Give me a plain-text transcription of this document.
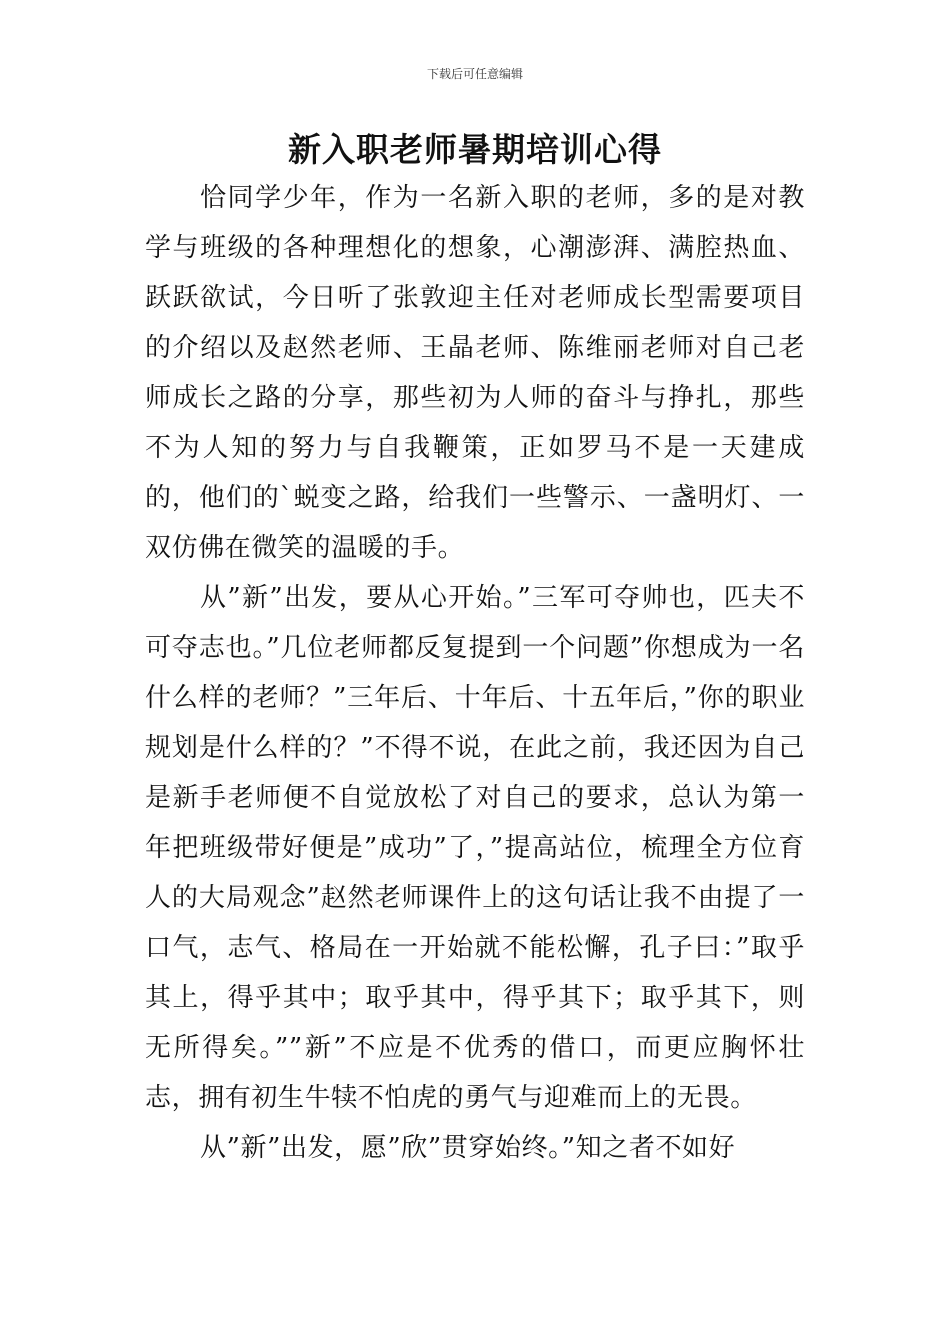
下载后可任意编辑
新入职老师暑期培训心得

恰同学少年，作为一名新入职的老师，多的是对教学与班级的各种理想化的想象，心潮澎湃、满腔热血、跃跃欲试，今日听了张敦迎主任对老师成长型需要项目的介绍以及赵然老师、王晶老师、陈维丽老师对自己老师成长之路的分享，那些初为人师的奋斗与挣扎，那些不为人知的努力与自我鞭策，正如罗马不是一天建成的，他们的`蜕变之路，给我们一些警示、一盏明灯、一双仿佛在微笑的温暖的手。

从”新”出发，要从心开始。”三军可夺帅也，匹夫不可夺志也。”几位老师都反复提到一个问题”你想成为一名什么样的老师？”三年后、十年后、十五年后，”你的职业规划是什么样的？”不得不说，在此之前，我还因为自己是新手老师便不自觉放松了对自己的要求，总认为第一年把班级带好便是”成功”了，”提高站位，梳理全方位育人的大局观念”赵然老师课件上的这句话让我不由提了一口气，志气、格局在一开始就不能松懈，孔子曰：”取乎其上，得乎其中；取乎其中，得乎其下；取乎其下，则无所得矣。””新”不应是不优秀的借口，而更应胸怀壮志，拥有初生牛犊不怕虎的勇气与迎难而上的无畏。

从”新”出发，愿”欣”贯穿始终。”知之者不如好
